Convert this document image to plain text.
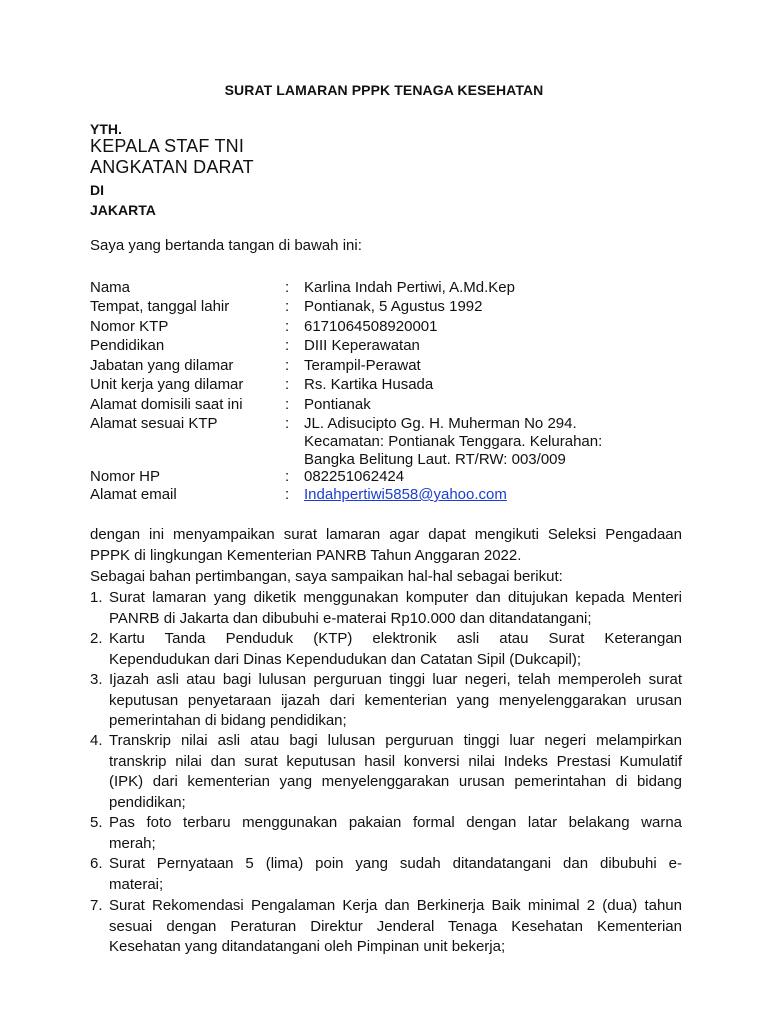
SURAT LAMARAN PPPK TENAGA KESEHATAN
YTH.
KEPALA STAF TNI
ANGKATAN DARAT
DI
JAKARTA
Saya yang bertanda tangan di bawah ini:
Nama	: Karlina Indah Pertiwi, A.Md.Kep
Tempat, tanggal lahir	: Pontianak, 5 Agustus 1992
Nomor KTP	: 6171064508920001
Pendidikan	: DIII Keperawatan
Jabatan yang dilamar	: Terampil-Perawat
Unit kerja yang dilamar	: Rs. Kartika Husada
Alamat domisili saat ini	: Pontianak
Alamat sesuai KTP	: JL. Adisucipto Gg. H. Muherman No 294.
Kecamatan: Pontianak Tenggara. Kelurahan:
Bangka Belitung Laut. RT/RW: 003/009
Nomor HP	: 082251062424
Alamat email	: Indahpertiwi5858@yahoo.com
dengan ini menyampaikan surat lamaran agar dapat mengikuti Seleksi Pengadaan
PPPK di lingkungan Kementerian PANRB Tahun Anggaran 2022.
Sebagai bahan pertimbangan, saya sampaikan hal-hal sebagai berikut:
1. Surat lamaran yang diketik menggunakan komputer dan ditujukan kepada Menteri
PANRB di Jakarta dan dibubuhi e-materai Rp10.000 dan ditandatangani;
2. Kartu Tanda Penduduk (KTP) elektronik asli atau Surat Keterangan
Kependudukan dari Dinas Kependudukan dan Catatan Sipil (Dukcapil);
3. Ijazah asli atau bagi lulusan perguruan tinggi luar negeri, telah memperoleh surat
keputusan penyetaraan ijazah dari kementerian yang menyelenggarakan urusan
pemerintahan di bidang pendidikan;
4. Transkrip nilai asli atau bagi lulusan perguruan tinggi luar negeri melampirkan
transkrip nilai dan surat keputusan hasil konversi nilai Indeks Prestasi Kumulatif
(IPK) dari kementerian yang menyelenggarakan urusan pemerintahan di bidang
pendidikan;
5. Pas foto terbaru menggunakan pakaian formal dengan latar belakang warna
merah;
6. Surat Pernyataan 5 (lima) poin yang sudah ditandatangani dan dibubuhi e-
materai;
7. Surat Rekomendasi Pengalaman Kerja dan Berkinerja Baik minimal 2 (dua) tahun
sesuai dengan Peraturan Direktur Jenderal Tenaga Kesehatan Kementerian
Kesehatan yang ditandatangani oleh Pimpinan unit bekerja;
